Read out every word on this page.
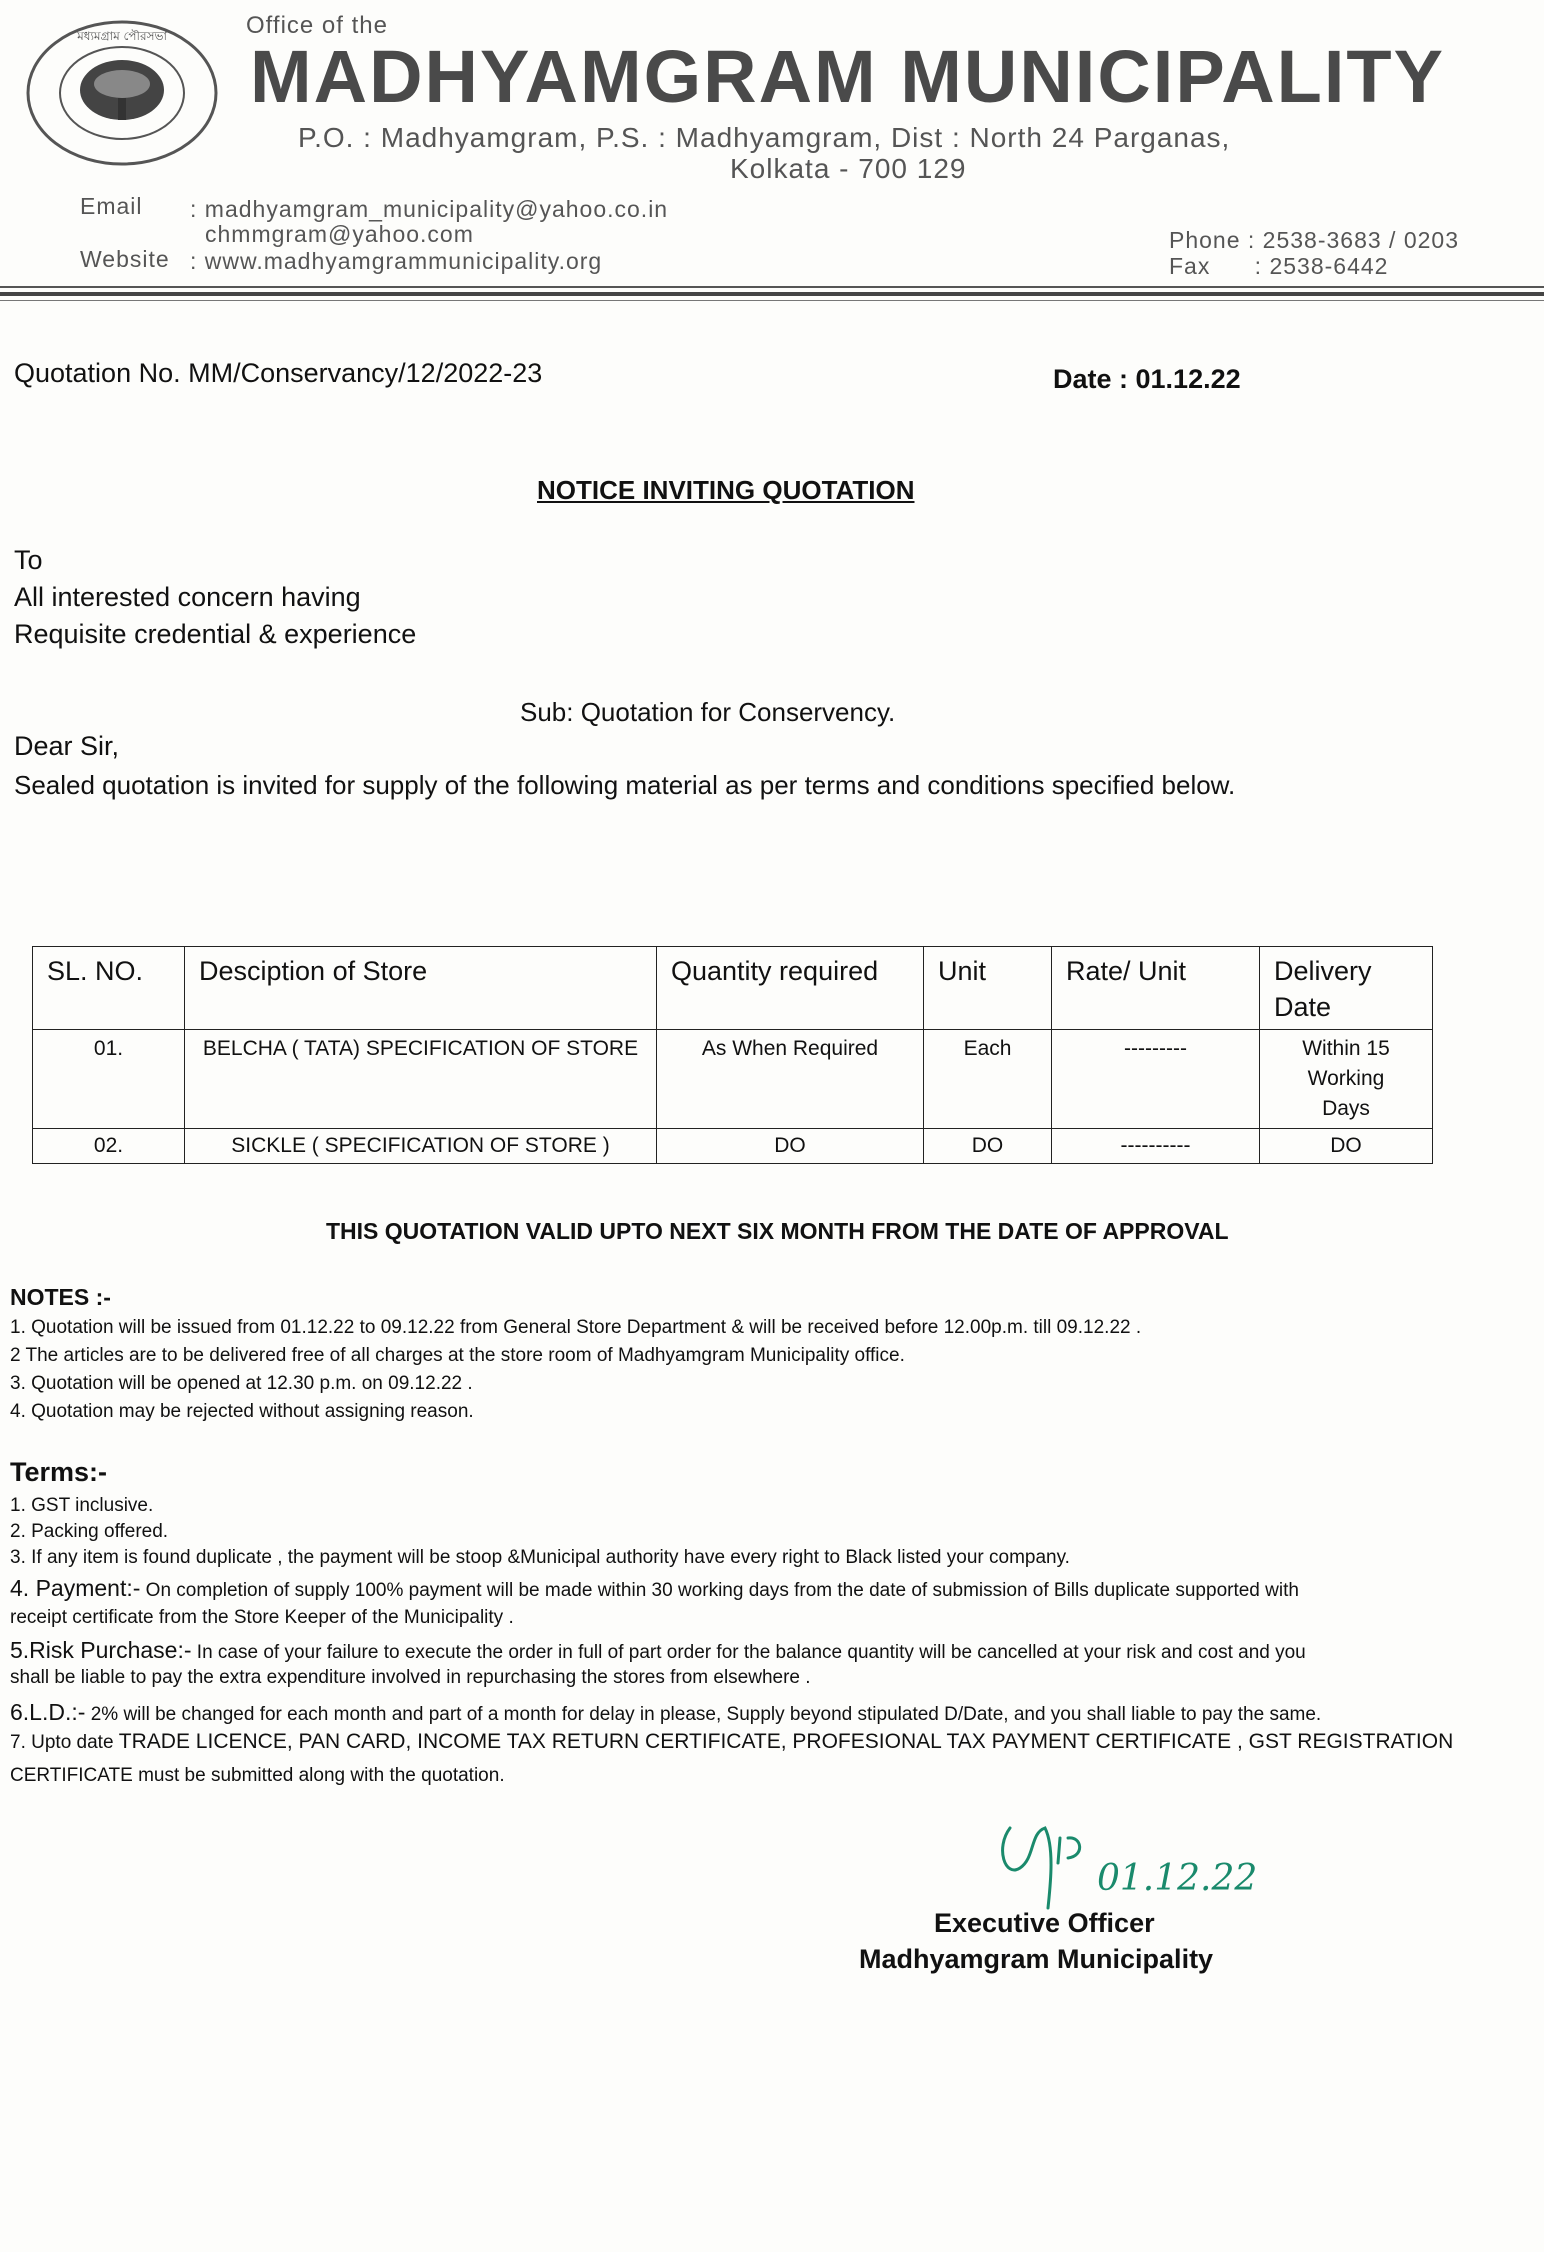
মধ্যমগ্রাম পৌরসভা	Office of the
MADHYAMGRAM MUNICIPALITY
P.O. : Madhyamgram, P.S. : Madhyamgram, Dist : North 24 Parganas,
Kolkata - 700 129
Email : madhyamgram_municipality@yahoo.co.in
chmmgram@yahoo.com
Website : www.madhyamgrammunicipality.org
Phone : 2538-3683 / 0203
Fax      : 2538-6442
Quotation No. MM/Conservancy/12/2022-23	Date : 01.12.22
NOTICE INVITING QUOTATION
To
All interested concern having
Requisite credential & experience
Sub: Quotation for Conservency.
Dear Sir,
Sealed quotation is invited for supply of the following material as per terms and conditions specified below.
SL. NO.	Desciption of Store	Quantity required	Unit	Rate/ Unit	Delivery Date
01.	BELCHA ( TATA) SPECIFICATION OF STORE	As When Required	Each	---------	Within 15 Working Days
02.	SICKLE ( SPECIFICATION OF STORE )	DO	DO	----------	DO
THIS QUOTATION VALID UPTO NEXT SIX MONTH FROM THE DATE OF APPROVAL
NOTES :-
1. Quotation will be issued from 01.12.22 to 09.12.22 from General Store Department & will be received before 12.00p.m. till 09.12.22 .
2 The articles are to be delivered free of all charges at the store room of Madhyamgram Municipality office.
3. Quotation will be opened at 12.30 p.m. on 09.12.22 .
4. Quotation may be rejected without assigning reason.
Terms:-
1. GST inclusive.
2. Packing offered.
3. If any item is found duplicate , the payment will be stoop &Municipal authority have every right to Black listed your company.
4. Payment:- On completion of supply 100% payment will be made within 30 working days from the date of submission of Bills duplicate supported with
receipt certificate from the Store Keeper of the Municipality .
5.Risk Purchase:- In case of your failure to execute the order in full of part order for the balance quantity will be cancelled at your risk and cost and you
shall be liable to pay the extra expenditure involved in repurchasing the stores from elsewhere .
6.L.D.:- 2% will be changed for each month and part of a month for delay in please, Supply beyond stipulated D/Date, and you shall liable to pay the same.
7. Upto date TRADE LICENCE, PAN CARD, INCOME TAX RETURN CERTIFICATE, PROFESIONAL TAX PAYMENT CERTIFICATE , GST REGISTRATION
CERTIFICATE must be submitted along with the quotation.
01.12.22
Executive Officer
Madhyamgram Municipality
